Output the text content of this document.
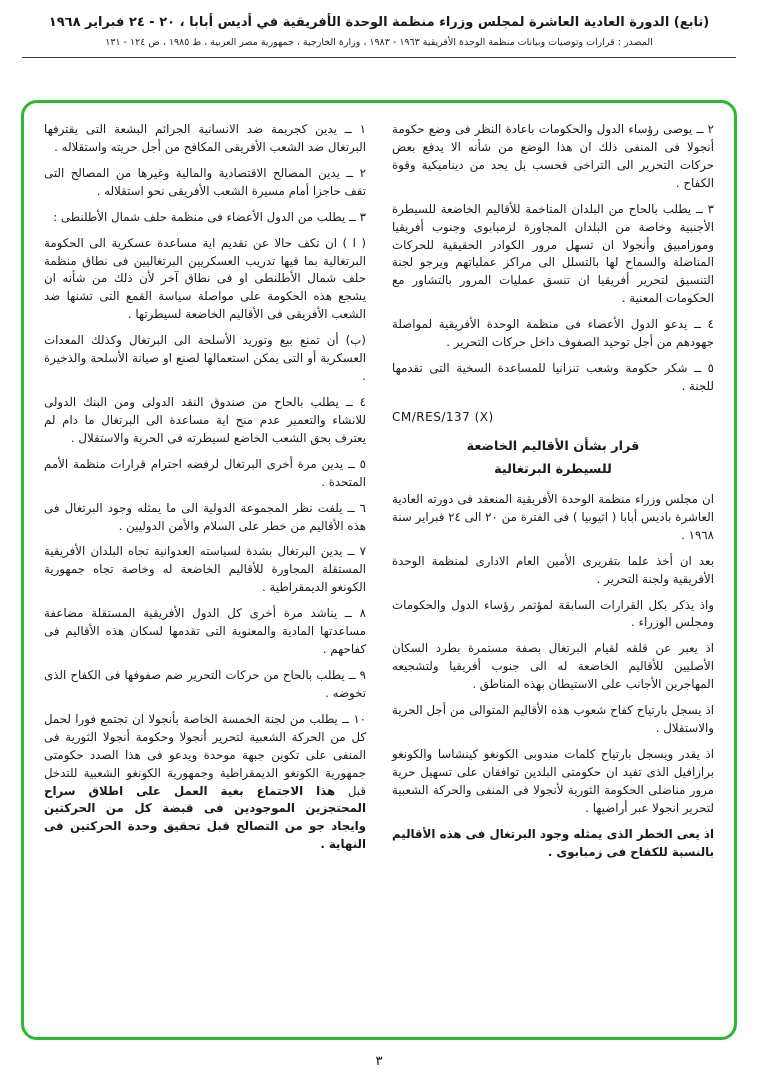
(تابع) الدورة العادية العاشرة لمجلس وزراء منظمة الوحدة الأفريقية في أديس أبابا ، ٢٠ - ٢٤ فبراير ١٩٦٨
المصدر : قرارات وتوصيات وبيانات منظمة الوحدة الأفريقية ١٩٦٣ - ١٩٨٣ ، وزارة الخارجية ، جمهورية مصر العربية ، ط ١٩٨٥ ، ص ١٢٤ - ١٣١

٢ ــ يوصى رؤساء الدول والحكومات باعادة النظر فى وضع حكومة أنجولا فى المنفى ذلك ان هذا الوضع من شأنه الا يدفع بعض حركات التحرير الى التراخى فحسب بل يحد من ديناميكية وقوة الكفاح .

٣ ــ يطلب بالحاح من البلدان المتاخمة للأقاليم الخاضعة للسيطرة الأجنبية وخاصة من البلدان المجاورة لزمبابوى وجنوب أفريقيا وموزامبيق وأنجولا ان تسهل مرور الكوادر الحقيقية للحركات المناضلة والسماح لها بالتسلل الى مراكز عملياتهم ويرجو لجنة التنسيق لتحرير أفريقيا ان تنسق عمليات المرور بالتشاور مع الحكومات المعنية .

٤ ــ يدعو الدول الأعضاء فى منظمة الوحدة الأفريقية لمواصلة جهودهم من أجل توحيد الصفوف داخل حركات التحرير .

٥ ــ شكر حكومة وشعب تنزانيا للمساعدة السخية التى تقدمها للجنة .

CM/RES/137 (X)
قرار بشأن الأقاليم الخاضعة
للسيطرة البرتغالية

ان مجلس وزراء منظمة الوحدة الأفريقية المنعقد فى دورته العادية العاشرة باديس أبابا ( اثيوبيا ) فى الفترة من ٢٠ الى ٢٤ فبراير سنة ١٩٦٨ .

بعد ان أخذ علما بتقريرى الأمين العام الادارى لمنظمة الوحدة الأفريقية ولجنة التحرير .

واذ يذكر بكل القرارات السابقة لمؤتمر رؤساء الدول والحكومات ومجلس الوزراء .

اذ يعبر عن قلقه لقيام البرتغال بصفة مستمرة بطرد السكان الأصليين للأقاليم الخاضعة له الى جنوب أفريقيا ولتشجيعه المهاجرين الأجانب على الاستيطان بهذه المناطق .

اذ يسجل بارتياح كفاح شعوب هذه الأقاليم المتوالى من أجل الحرية والاستقلال .

اذ يقدر ويسجل بارتياح كلمات مندوبى الكونغو كينشاسا والكونغو برازافيل الذى تفيد ان حكومتى البلدين توافقان على تسهيل حرية مرور مناضلى الحكومة الثورية لأنجولا فى المنفى والحركة الشعبية لتحرير انجولا عبر أراضيها .

اذ يعى الخطر الذى يمثله وجود البرتغال فى هذه الأقاليم بالنسبة للكفاح فى زمبابوى .

١ ــ يدين كجريمة ضد الانسانية الجرائم البشعة التى يقترفها البرتغال ضد الشعب الأفريقى المكافح من أجل حريته واستقلاله .

٢ ــ يدين المصالح الاقتصادية والمالية وغيرها من المصالح التى تقف حاجزا أمام مسيرة الشعب الأفريقى نحو استقلاله .

٣ ــ يطلب من الدول الأعضاء فى منظمة حلف شمال الأطلنطى :

( ا ) ان تكف حالا عن تقديم اية مساعدة عسكرية الى الحكومة البرتغالية بما فيها تدريب العسكريين البرتغاليين فى نطاق منظمة حلف شمال الأطلنطى او فى نطاق آخر لأن ذلك من شأنه ان يشجع هذه الحكومة على مواصلة سياسة القمع التى تشنها ضد الشعب الأفريقى فى الأقاليم الخاضعة لسيطرتها .

(ب) أن تمنع بيع وتوريد الأسلحة الى البرتغال وكذلك المعدات العسكرية أو التى يمكن استعمالها لصنع او صيانة الأسلحة والذخيرة .

٤ ــ يطلب بالحاح من صندوق النقد الدولى ومن البنك الدولى للانشاء والتعمير عدم منح اية مساعدة الى البرتغال ما دام لم يعترف بحق الشعب الخاضع لسيطرته فى الحرية والاستقلال .

٥ ــ يدين مرة أخرى البرتغال لرفضه احترام قرارات منظمة الأمم المتحدة .

٦ ــ يلفت نظر المجموعة الدولية الى ما يمثله وجود البرتغال فى هذه الأقاليم من خطر على السلام والأمن الدوليين .

٧ ــ يدين البرتغال بشدة لسياسته العدوانية تجاه البلدان الأفريقية المستقلة المجاورة للأقاليم الخاضعة له وخاصة تجاه جمهورية الكونغو الديمقراطية .

٨ ــ يناشد مرة أخرى كل الدول الأفريقية المستقلة مضاعفة مساعدتها المادية والمعنوية التى تقدمها لسكان هذه الأقاليم فى كفاحهم .

٩ ــ يطلب بالحاح من حركات التحرير ضم صفوفها فى الكفاح الذى تخوضه .

١٠ ــ يطلب من لجنة الخمسة الخاصة بأنجولا ان تجتمع فورا لحمل كل من الحركة الشعبية لتحرير أنجولا وحكومة أنجولا الثورية فى المنفى على تكوين جبهة موحدة ويدعو فى هذا الصدد حكومتى جمهورية الكونغو الديمقراطية وجمهورية الكونغو الشعبية للتدخل قبل هذا الاجتماع بغية العمل على اطلاق سراح المحتجزين الموجودين فى قبضة كل من الحركتين وايجاد جو من التصالح قبل تحقيق وحدة الحركتين فى النهاية .

٣
